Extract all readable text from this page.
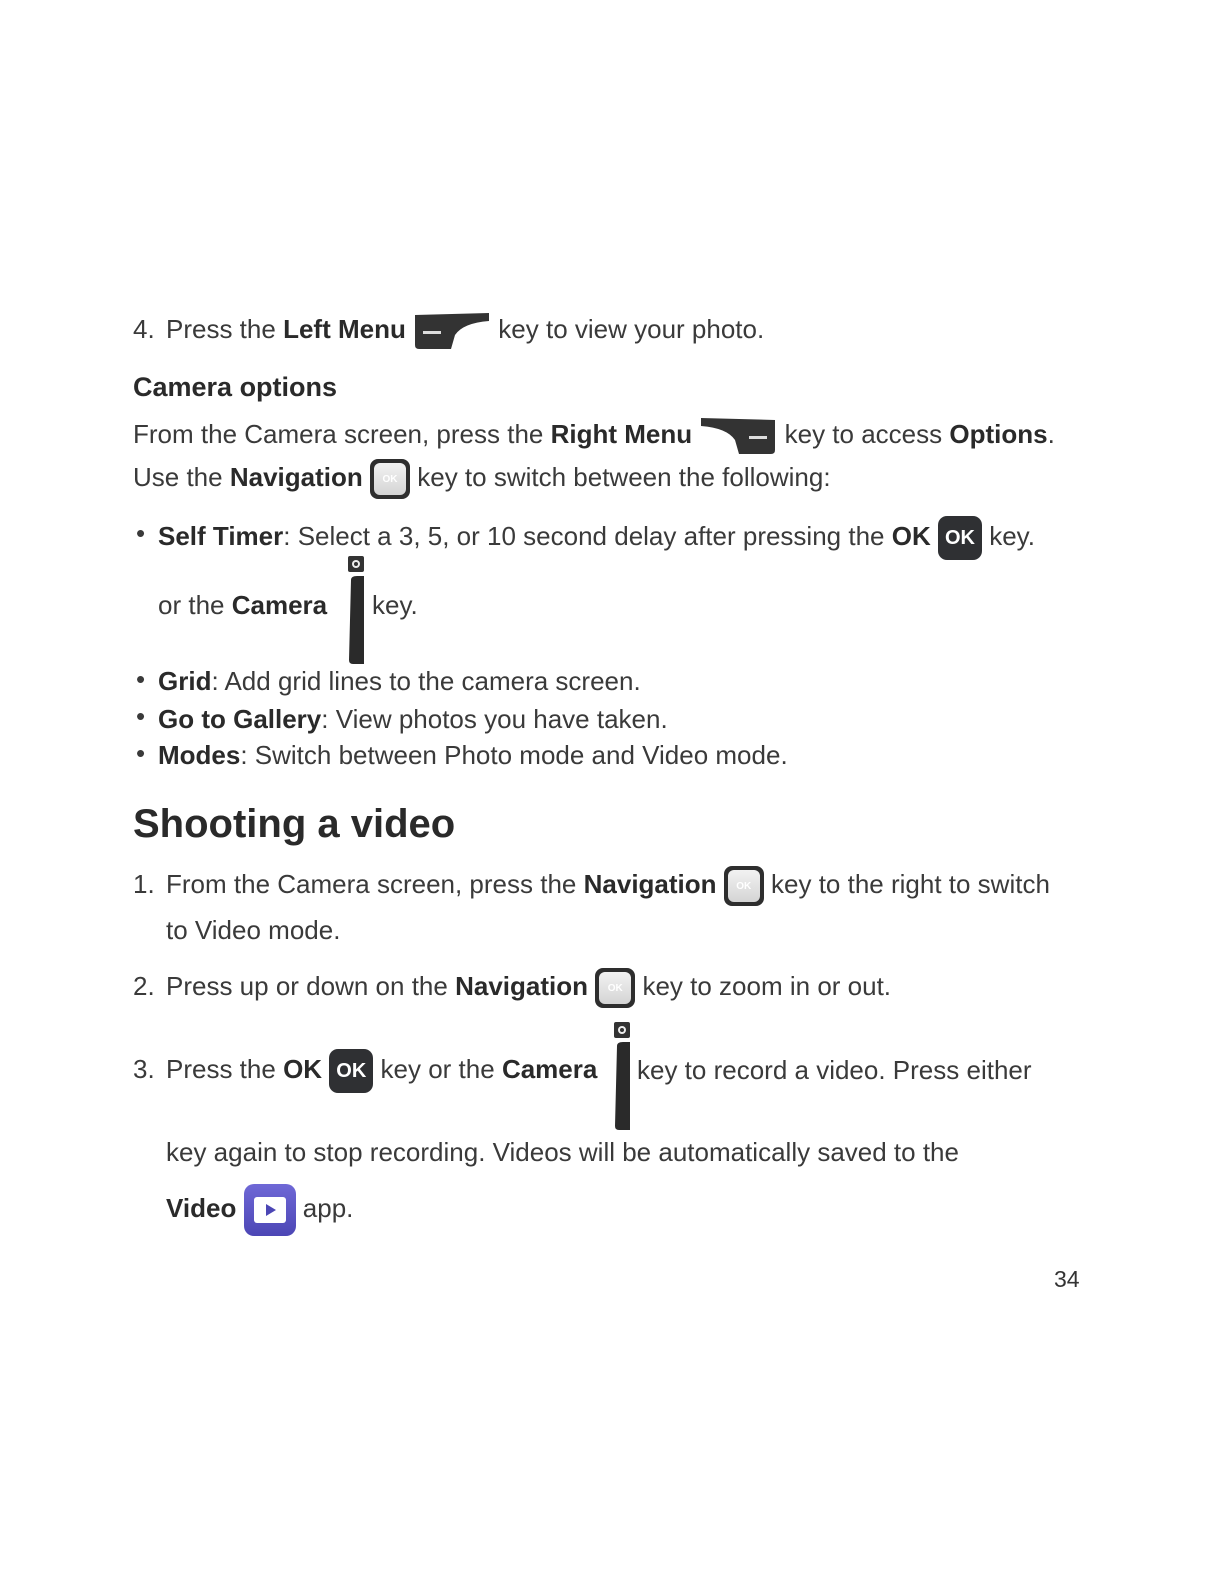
4. Press the Left Menu	key to view your photo.
Camera options
From the Camera screen, press the Right Menu	key to access Options.
Use the Navigation	OK key to switch between the following:
• Self Timer: Select a 3, 5, or 10 second delay after pressing the OK OK key.
or the Camera key.
• Grid: Add grid lines to the camera screen.
• Go to Gallery: View photos you have taken.
• Modes: Switch between Photo mode and Video mode.
Shooting a video
1. From the Camera screen, press the Navigation	OK key to the right to switch
to Video mode.
2. Press up or down on the Navigation	OK key to zoom in or out.
3. Press the OK OK key or the Camera key to record a video. Press either
key again to stop recording. Videos will be automatically saved to the
Video	app.
34
